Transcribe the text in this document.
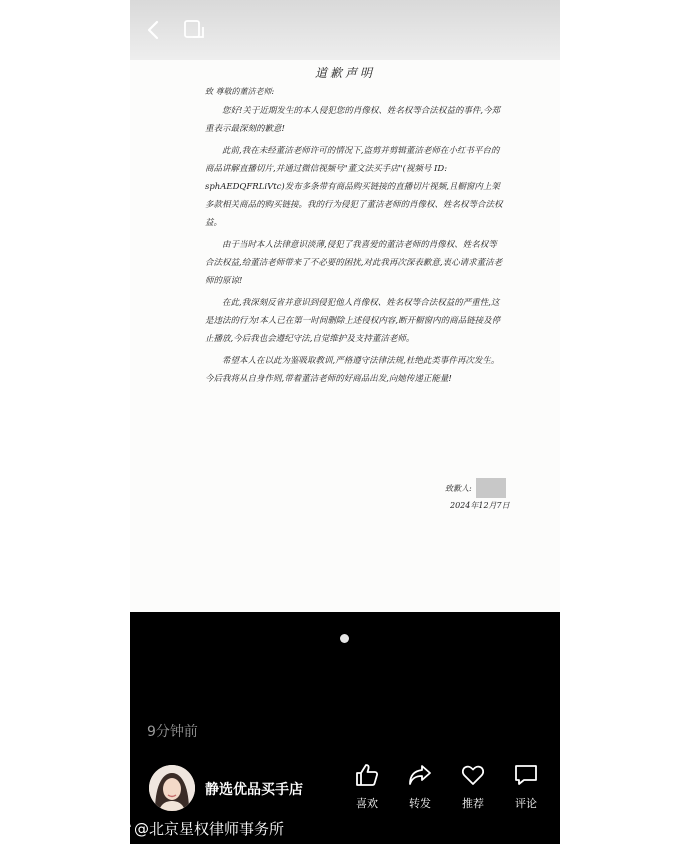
道歉声明
致 尊敬的董洁老师:

您好!关于近期发生的本人侵犯您的肖像权、姓名权等合法权益的事件,今郑重表示最深刻的歉意!

此前,我在未经董洁老师许可的情况下,盗剪并剪辑董洁老师在小红书平台的商品讲解直播切片,并通过微信视频号"董文法买手店"(视频号 ID: sphAEDQFRLiVtc)发布多条带有商品购买链接的直播切片视频,且橱窗内上架多款相关商品的购买链接。我的行为侵犯了董洁老师的肖像权、姓名权等合法权益。

由于当时本人法律意识淡薄,侵犯了我喜爱的董洁老师的肖像权、姓名权等合法权益,给董洁老师带来了不必要的困扰,对此我再次深表歉意,衷心请求董洁老师的原谅!

在此,我深刻反省并意识到侵犯他人肖像权、姓名权等合法权益的严重性,这是违法的行为!本人已在第一时间删除上述侵权内容,断开橱窗内的商品链接及停止播放,今后我也会遵纪守法,自觉维护及支持董洁老师。

希望本人在以此为鉴吸取教训,严格遵守法律法规,杜绝此类事件再次发生。今后我将从自身作则,带着董洁老师的好商品出发,向她传递正能量!

致歉人:
2024年12月7日
9分钟前
静选优品买手店
喜欢	转发	推荐	评论
@北京星权律师事务所
